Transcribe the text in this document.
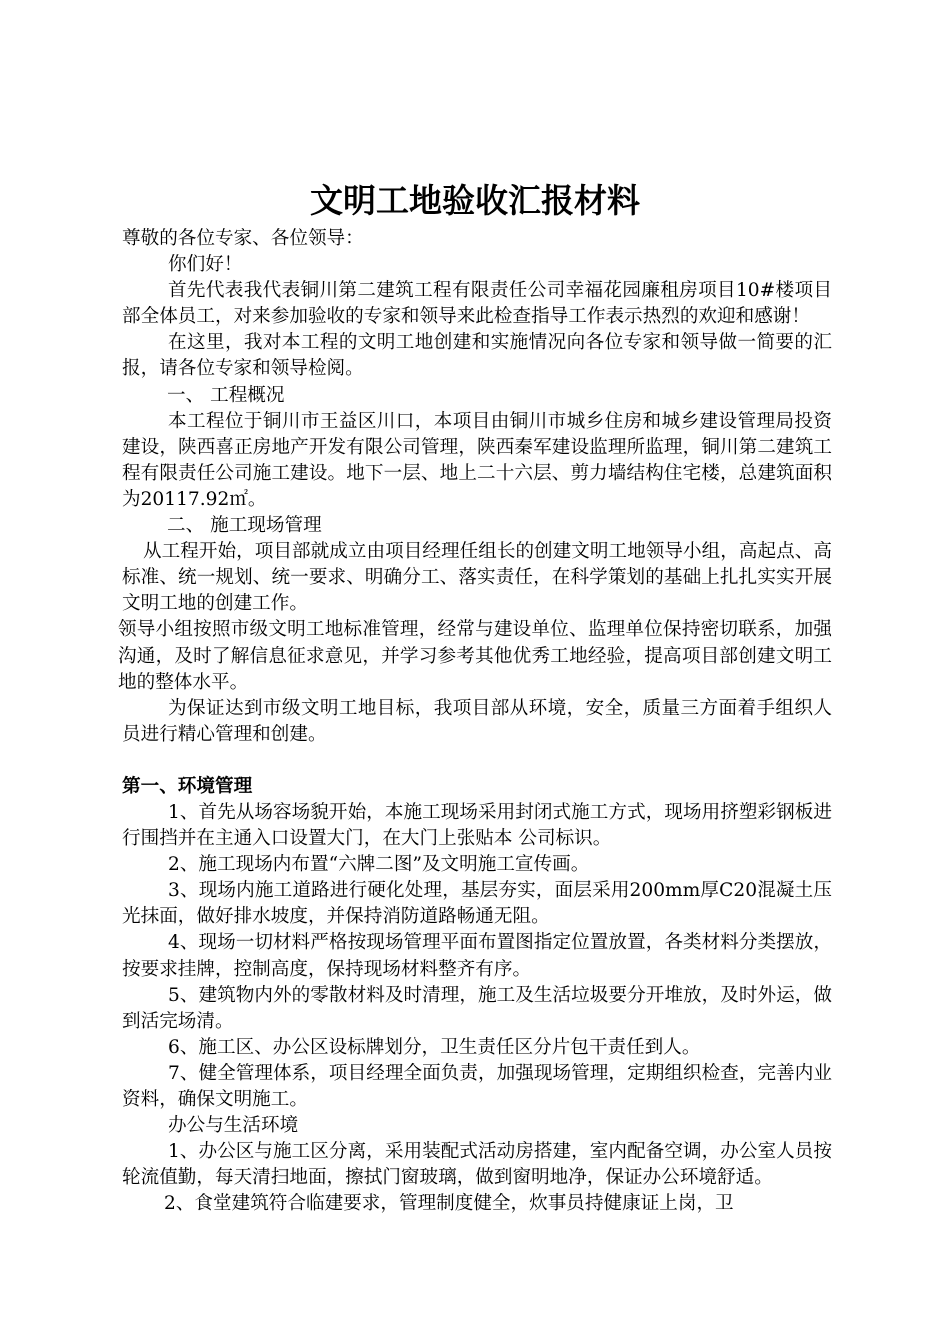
文明工地验收汇报材料

尊敬的各位专家、各位领导：

你们好！

首先代表我代表铜川第二建筑工程有限责任公司幸福花园廉租房项目10#楼项目部全体员工，对来参加验收的专家和领导来此检查指导工作表示热烈的欢迎和感谢！

在这里，我对本工程的文明工地创建和实施情况向各位专家和领导做一简要的汇报，请各位专家和领导检阅。

一、 工程概况

本工程位于铜川市王益区川口，本项目由铜川市城乡住房和城乡建设管理局投资建设，陕西喜正房地产开发有限公司管理，陕西秦军建设监理所监理，铜川第二建筑工程有限责任公司施工建设。地下一层、地上二十六层、剪力墙结构住宅楼，总建筑面积为20117.92㎡。

二、 施工现场管理

从工程开始，项目部就成立由项目经理任组长的创建文明工地领导小组，高起点、高标准、统一规划、统一要求、明确分工、落实责任，在科学策划的基础上扎扎实实开展文明工地的创建工作。

领导小组按照市级文明工地标准管理，经常与建设单位、监理单位保持密切联系，加强沟通，及时了解信息征求意见，并学习参考其他优秀工地经验，提高项目部创建文明工地的整体水平。

为保证达到市级文明工地目标，我项目部从环境，安全，质量三方面着手组织人员进行精心管理和创建。

第一、环境管理

1、首先从场容场貌开始，本施工现场采用封闭式施工方式，现场用挤塑彩钢板进行围挡并在主通入口设置大门，在大门上张贴本 公司标识。

2、施工现场内布置“六牌二图”及文明施工宣传画。

3、现场内施工道路进行硬化处理，基层夯实，面层采用200mm厚C20混凝土压光抹面，做好排水坡度，并保持消防道路畅通无阻。

4、现场一切材料严格按现场管理平面布置图指定位置放置，各类材料分类摆放，按要求挂牌，控制高度，保持现场材料整齐有序。

5、建筑物内外的零散材料及时清理，施工及生活垃圾要分开堆放，及时外运，做到活完场清。

6、施工区、办公区设标牌划分，卫生责任区分片包干责任到人。

7、健全管理体系，项目经理全面负责，加强现场管理，定期组织检查，完善内业资料，确保文明施工。

办公与生活环境

1、办公区与施工区分离，采用装配式活动房搭建，室内配备空调，办公室人员按轮流值勤，每天清扫地面，擦拭门窗玻璃，做到窗明地净，保证办公环境舒适。

2、食堂建筑符合临建要求，管理制度健全，炊事员持健康证上岗，卫
